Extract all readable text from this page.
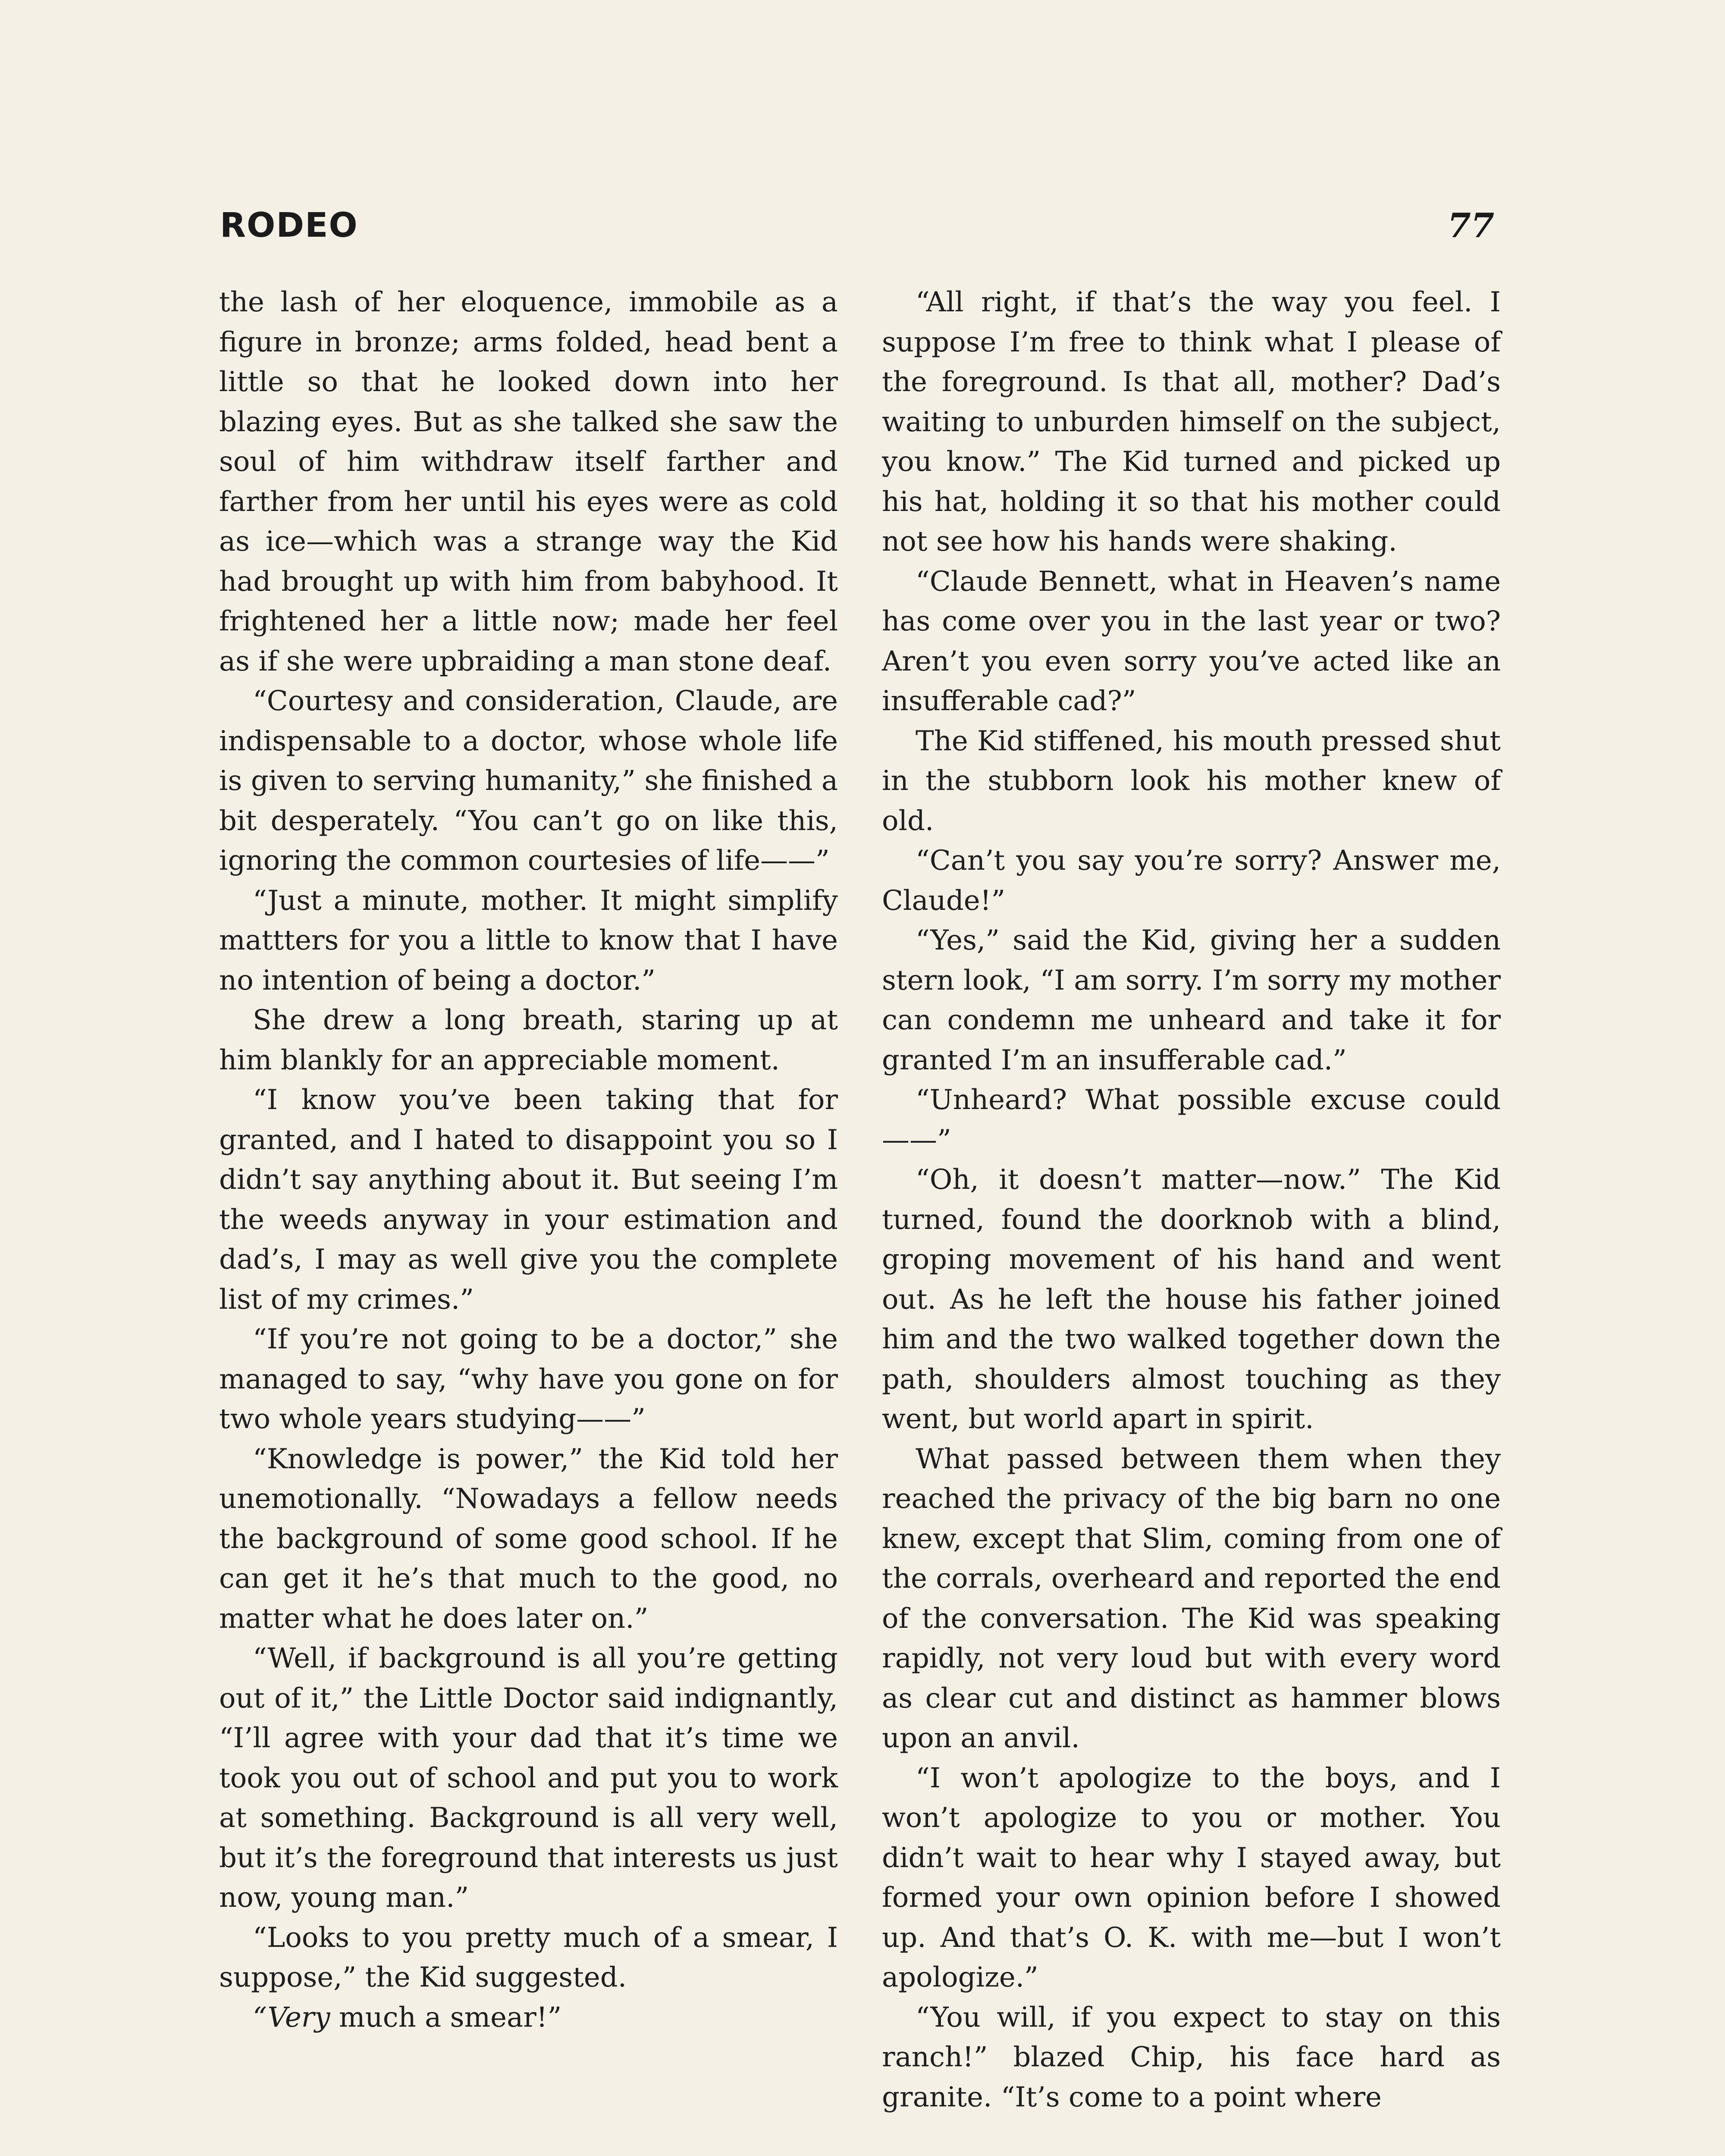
RODEO	77

the lash of her eloquence, immobile as a figure in bronze; arms folded, head bent a little so that he looked down into her blazing eyes. But as she talked she saw the soul of him withdraw itself farther and farther from her until his eyes were as cold as ice—which was a strange way the Kid had brought up with him from babyhood. It frightened her a little now; made her feel as if she were upbraiding a man stone deaf.

“Courtesy and consideration, Claude, are indispensable to a doctor, whose whole life is given to serving humanity,” she finished a bit desperately. “You can’t go on like this, ignoring the common courtesies of life——”

“Just a minute, mother. It might simplify mattters for you a little to know that I have no intention of being a doctor.”

She drew a long breath, staring up at him blankly for an appreciable moment.

“I know you’ve been taking that for granted, and I hated to disappoint you so I didn’t say anything about it. But seeing I’m the weeds anyway in your estimation and dad’s, I may as well give you the complete list of my crimes.”

“If you’re not going to be a doctor,” she managed to say, “why have you gone on for two whole years studying——”

“Knowledge is power,” the Kid told her unemotionally. “Nowadays a fellow needs the background of some good school. If he can get it he’s that much to the good, no matter what he does later on.”

“Well, if background is all you’re getting out of it,” the Little Doctor said indignantly, “I’ll agree with your dad that it’s time we took you out of school and put you to work at something. Background is all very well, but it’s the foreground that interests us just now, young man.”

“Looks to you pretty much of a smear, I suppose,” the Kid suggested.

“Very much a smear!”

“All right, if that’s the way you feel. I suppose I’m free to think what I please of the foreground. Is that all, mother? Dad’s waiting to unburden himself on the subject, you know.” The Kid turned and picked up his hat, holding it so that his mother could not see how his hands were shaking.

“Claude Bennett, what in Heaven’s name has come over you in the last year or two? Aren’t you even sorry you’ve acted like an insufferable cad?”

The Kid stiffened, his mouth pressed shut in the stubborn look his mother knew of old.

“Can’t you say you’re sorry? Answer me, Claude!”

“Yes,” said the Kid, giving her a sudden stern look, “I am sorry. I’m sorry my mother can condemn me unheard and take it for granted I’m an insufferable cad.”

“Unheard? What possible excuse could——”

“Oh, it doesn’t matter—now.” The Kid turned, found the doorknob with a blind, groping movement of his hand and went out. As he left the house his father joined him and the two walked together down the path, shoulders almost touching as they went, but world apart in spirit.

What passed between them when they reached the privacy of the big barn no one knew, except that Slim, coming from one of the corrals, overheard and reported the end of the conversation. The Kid was speaking rapidly, not very loud but with every word as clear cut and distinct as hammer blows upon an anvil.

“I won’t apologize to the boys, and I won’t apologize to you or mother. You didn’t wait to hear why I stayed away, but formed your own opinion before I showed up. And that’s O. K. with me—but I won’t apologize.”

“You will, if you expect to stay on this ranch!” blazed Chip, his face hard as granite. “It’s come to a point where
